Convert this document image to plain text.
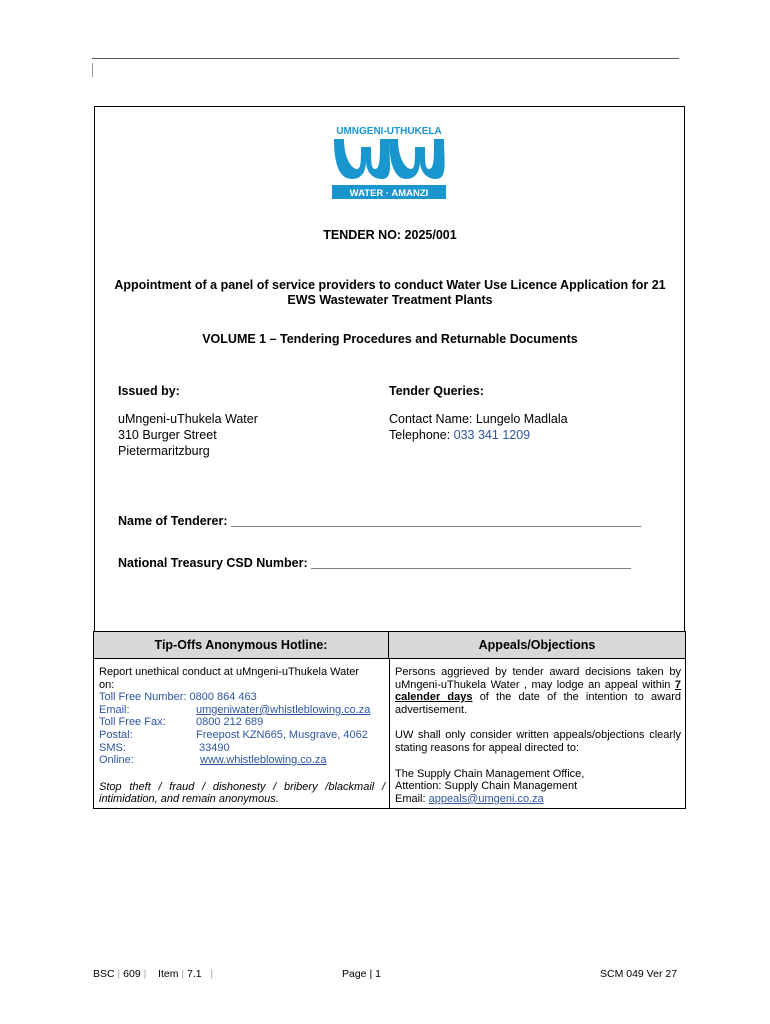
UMNGENI-UTHUKELA
WATER · AMANZI
TENDER NO: 2025/001
Appointment of a panel of service providers to conduct Water Use Licence Application for 21
EWS Wastewater Treatment Plants
VOLUME 1 – Tendering Procedures and Returnable Documents
Issued by:
uMngeni-uThukela Water
310 Burger Street
Pietermaritzburg
Tender Queries:
Contact Name: Lungelo Madlala
Telephone: 033 341 1209
Name of Tenderer: ___________________________________________________________
National Treasury CSD Number: ______________________________________________
Tip-Offs Anonymous Hotline:	Appeals/Objections
Report unethical conduct at uMngeni-uThukela Water
on:
Toll Free Number: 0800 864 463
Email:	umgeniwater@whistleblowing.co.za
Toll Free Fax:	0800 212 689
Postal:	Freepost KZN665, Musgrave, 4062
SMS:	33490
Online:	www.whistleblowing.co.za
Stop theft / fraud / dishonesty / bribery /blackmail / intimidation, and remain anonymous.
Persons aggrieved by tender award decisions taken by uMngeni-uThukela Water , may lodge an appeal within 7 calender days of the date of the intention to award advertisement.
UW shall only consider written appeals/objections clearly stating reasons for appeal directed to:
The Supply Chain Management Office,
Attention: Supply Chain Management
Email: appeals@umgeni.co.za
BSC | 609 | Item | 7.1 |	Page | 1	SCM 049 Ver 27
